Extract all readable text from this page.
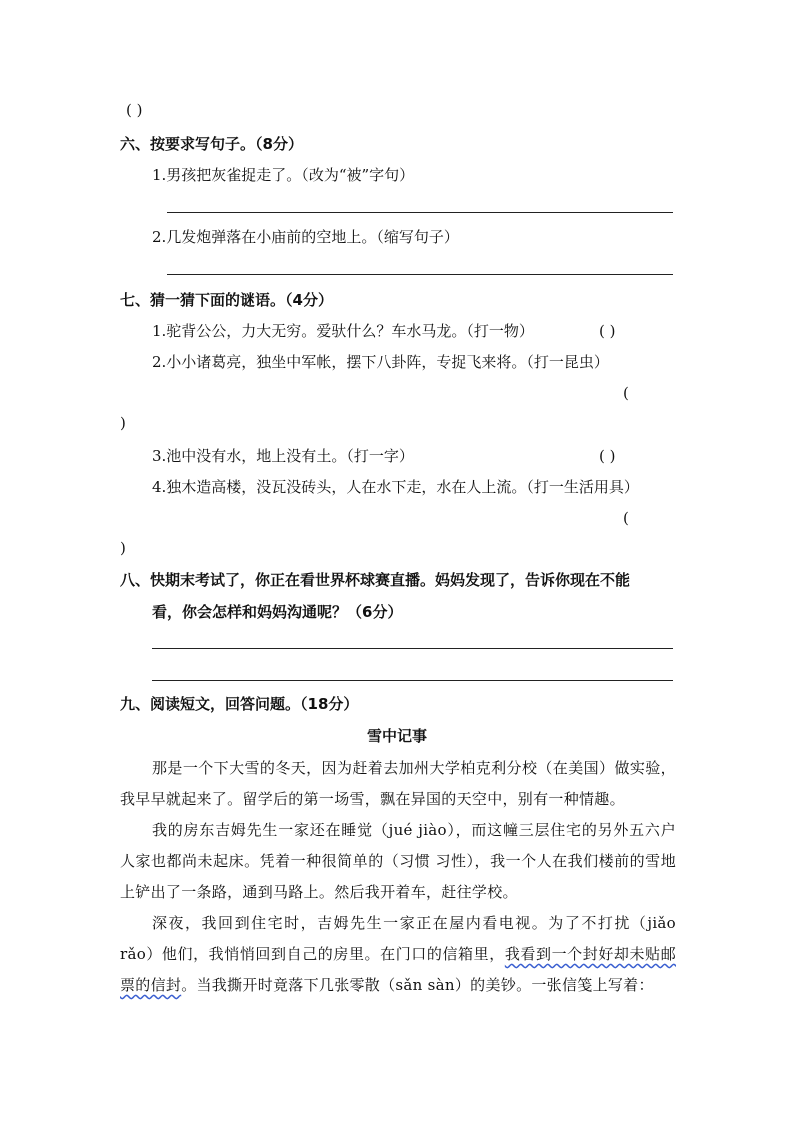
( )
六、按要求写句子。（8分）
1.男孩把灰雀捉走了。（改为“被”字句）
2.几发炮弹落在小庙前的空地上。（缩写句子）
七、猜一猜下面的谜语。（4分）
1.驼背公公，力大无穷。爱驮什么？车水马龙。（打一物）	( )
2.小小诸葛亮，独坐中军帐，摆下八卦阵，专捉飞来将。（打一昆虫）
(
)
3.池中没有水，地上没有土。（打一字）	( )
4.独木造高楼，没瓦没砖头，人在水下走，水在人上流。（打一生活用具）
(
)
八、快期末考试了，你正在看世界杯球赛直播。妈妈发现了，告诉你现在不能
看，你会怎样和妈妈沟通呢？（6分）
九、阅读短文，回答问题。（18分）
雪中记事
那是一个下大雪的冬天，因为赶着去加州大学柏克利分校（在美国）做实验，我早早就起来了。留学后的第一场雪，飘在异国的天空中，别有一种情趣。
我的房东吉姆先生一家还在睡觉（jué jiào），而这幢三层住宅的另外五六户人家也都尚未起床。凭着一种很简单的（习惯 习性），我一个人在我们楼前的雪地上铲出了一条路，通到马路上。然后我开着车，赶往学校。
深夜，我回到住宅时，吉姆先生一家正在屋内看电视。为了不打扰（jiǎo rǎo）他们，我悄悄回到自己的房里。在门口的信箱里，我看到一个封好却未贴邮票的信封。当我撕开时竟落下几张零散（sǎn sàn）的美钞。一张信笺上写着：
